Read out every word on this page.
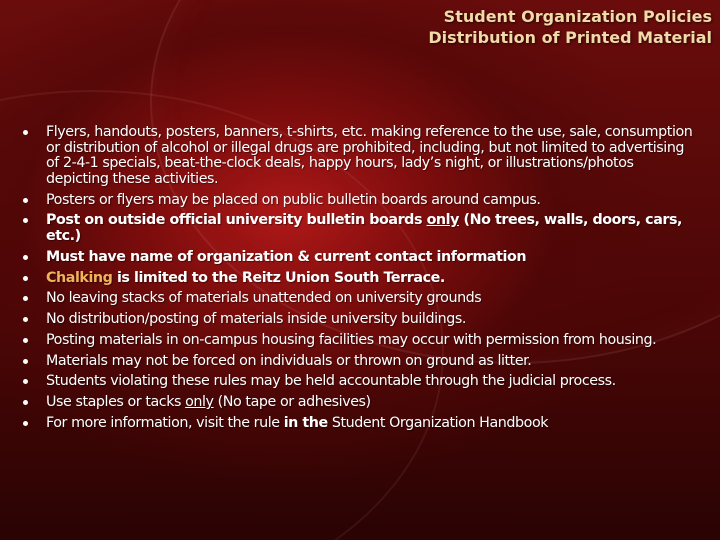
Student Organization Policies
Distribution of Printed Material
Flyers, handouts, posters, banners, t-shirts, etc. making reference to the use, sale, consumption or distribution of alcohol or illegal drugs are prohibited, including, but not limited to advertising of 2-4-1 specials, beat-the-clock deals, happy hours, lady’s night, or illustrations/photos depicting these activities.
Posters or flyers may be placed on public bulletin boards around campus.
Post on outside official university bulletin boards only (No trees, walls, doors, cars, etc.)
Must have name of organization & current contact information
Chalking is limited to the Reitz Union South Terrace.
No leaving stacks of materials unattended on university grounds
No distribution/posting of materials inside university buildings.
Posting materials in on-campus housing facilities may occur with permission from housing.
Materials may not be forced on individuals or thrown on ground as litter.
Students violating these rules may be held accountable through the judicial process.
Use staples or tacks only (No tape or adhesives)
For more information, visit the rule in the Student Organization Handbook
